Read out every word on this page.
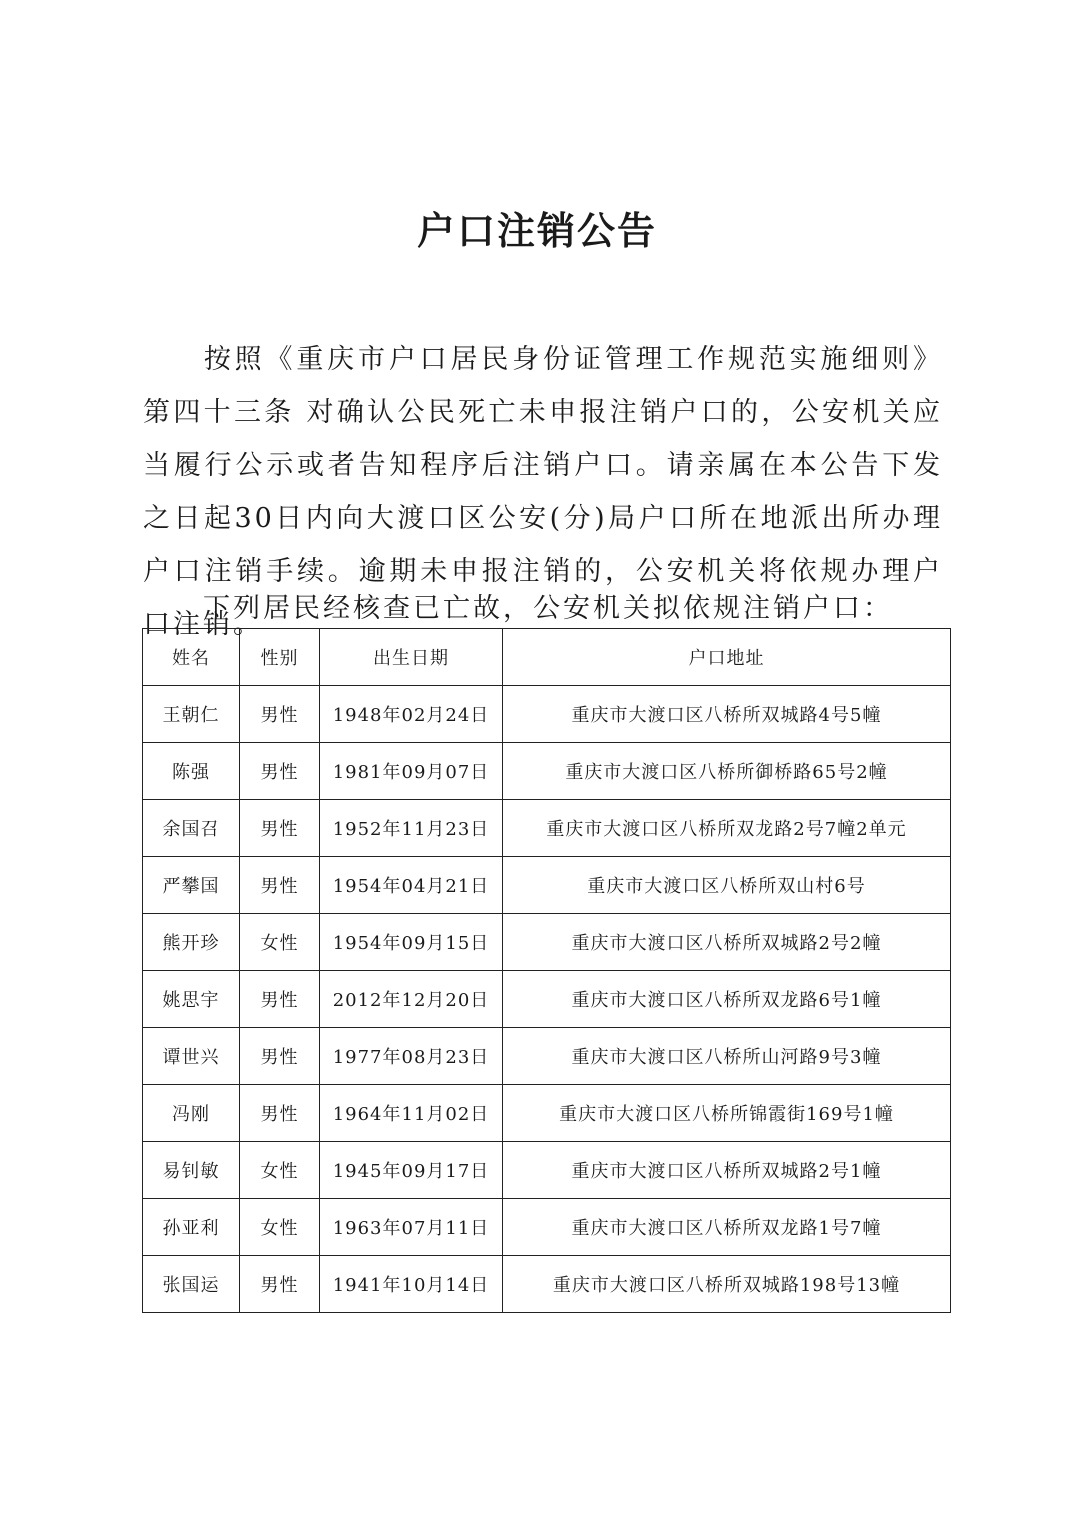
户口注销公告

按照《重庆市户口居民身份证管理工作规范实施细则》第四十三条 对确认公民死亡未申报注销户口的，公安机关应当履行公示或者告知程序后注销户口。请亲属在本公告下发之日起30日内向大渡口区公安(分)局户口所在地派出所办理户口注销手续。逾期未申报注销的，公安机关将依规办理户口注销。

下列居民经核查已亡故，公安机关拟依规注销户口：

姓名	性别	出生日期	户口地址
王朝仁	男性	1948年02月24日	重庆市大渡口区八桥所双城路4号5幢
陈强	男性	1981年09月07日	重庆市大渡口区八桥所御桥路65号2幢
余国召	男性	1952年11月23日	重庆市大渡口区八桥所双龙路2号7幢2单元
严攀国	男性	1954年04月21日	重庆市大渡口区八桥所双山村6号
熊开珍	女性	1954年09月15日	重庆市大渡口区八桥所双城路2号2幢
姚思宇	男性	2012年12月20日	重庆市大渡口区八桥所双龙路6号1幢
谭世兴	男性	1977年08月23日	重庆市大渡口区八桥所山河路9号3幢
冯刚	男性	1964年11月02日	重庆市大渡口区八桥所锦霞街169号1幢
易钊敏	女性	1945年09月17日	重庆市大渡口区八桥所双城路2号1幢
孙亚利	女性	1963年07月11日	重庆市大渡口区八桥所双龙路1号7幢
张国运	男性	1941年10月14日	重庆市大渡口区八桥所双城路198号13幢
